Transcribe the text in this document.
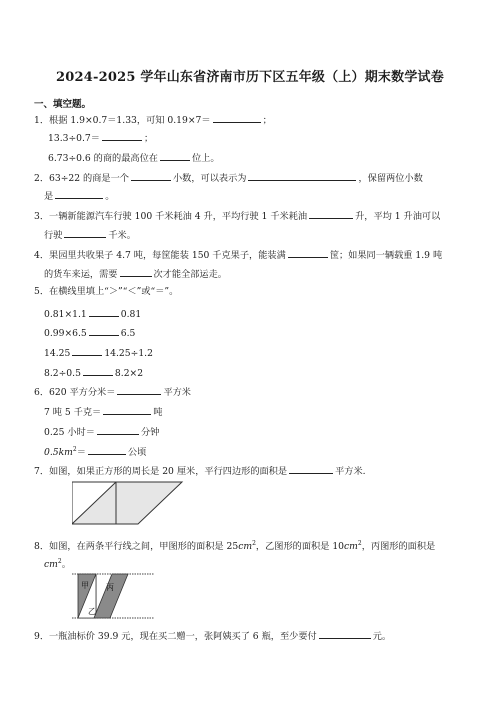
2024-2025 学年山东省济南市历下区五年级（上）期末数学试卷
一、填空题。
1．根据 1.9×0.7＝1.33，可知 0.19×7＝	；
13.3÷0.7＝	；
6.73÷0.6 的商的最高位在	位上。
2．63÷22 的商是一个	小数，可以表示为	，保留两位小数
是	。
3．一辆新能源汽车行驶 100 千米耗油 4 升，平均行驶 1 千米耗油	升，平均 1 升油可以
行驶	千米。
4．果园里共收果子 4.7 吨，每筐能装 150 千克果子，能装满	筐；如果同一辆载重 1.9 吨
的货车来运，需要	次才能全部运走。
5．在横线里填上“＞”“＜”或“＝”。
0.81×1.1	0.81
0.99×6.5	6.5
14.25	14.25÷1.2
8.2÷0.5	8.2×2
6．620 平方分米＝	平方米
7 吨 5 千克＝	吨
0.25 小时＝	分钟
$0.5km^2=$	公顷
7．如图，如果正方形的周长是 20 厘米，平行四边形的面积是	平方米.
8．如图，在两条平行线之间，甲图形的面积是 $25cm^2$，乙图形的面积是 $10cm^2$，丙图形的面积是
$cm^2$。
甲 丙
乙
9．一瓶油标价 39.9 元，现在买二赠一，张阿姨买了 6 瓶，至少要付	元。
